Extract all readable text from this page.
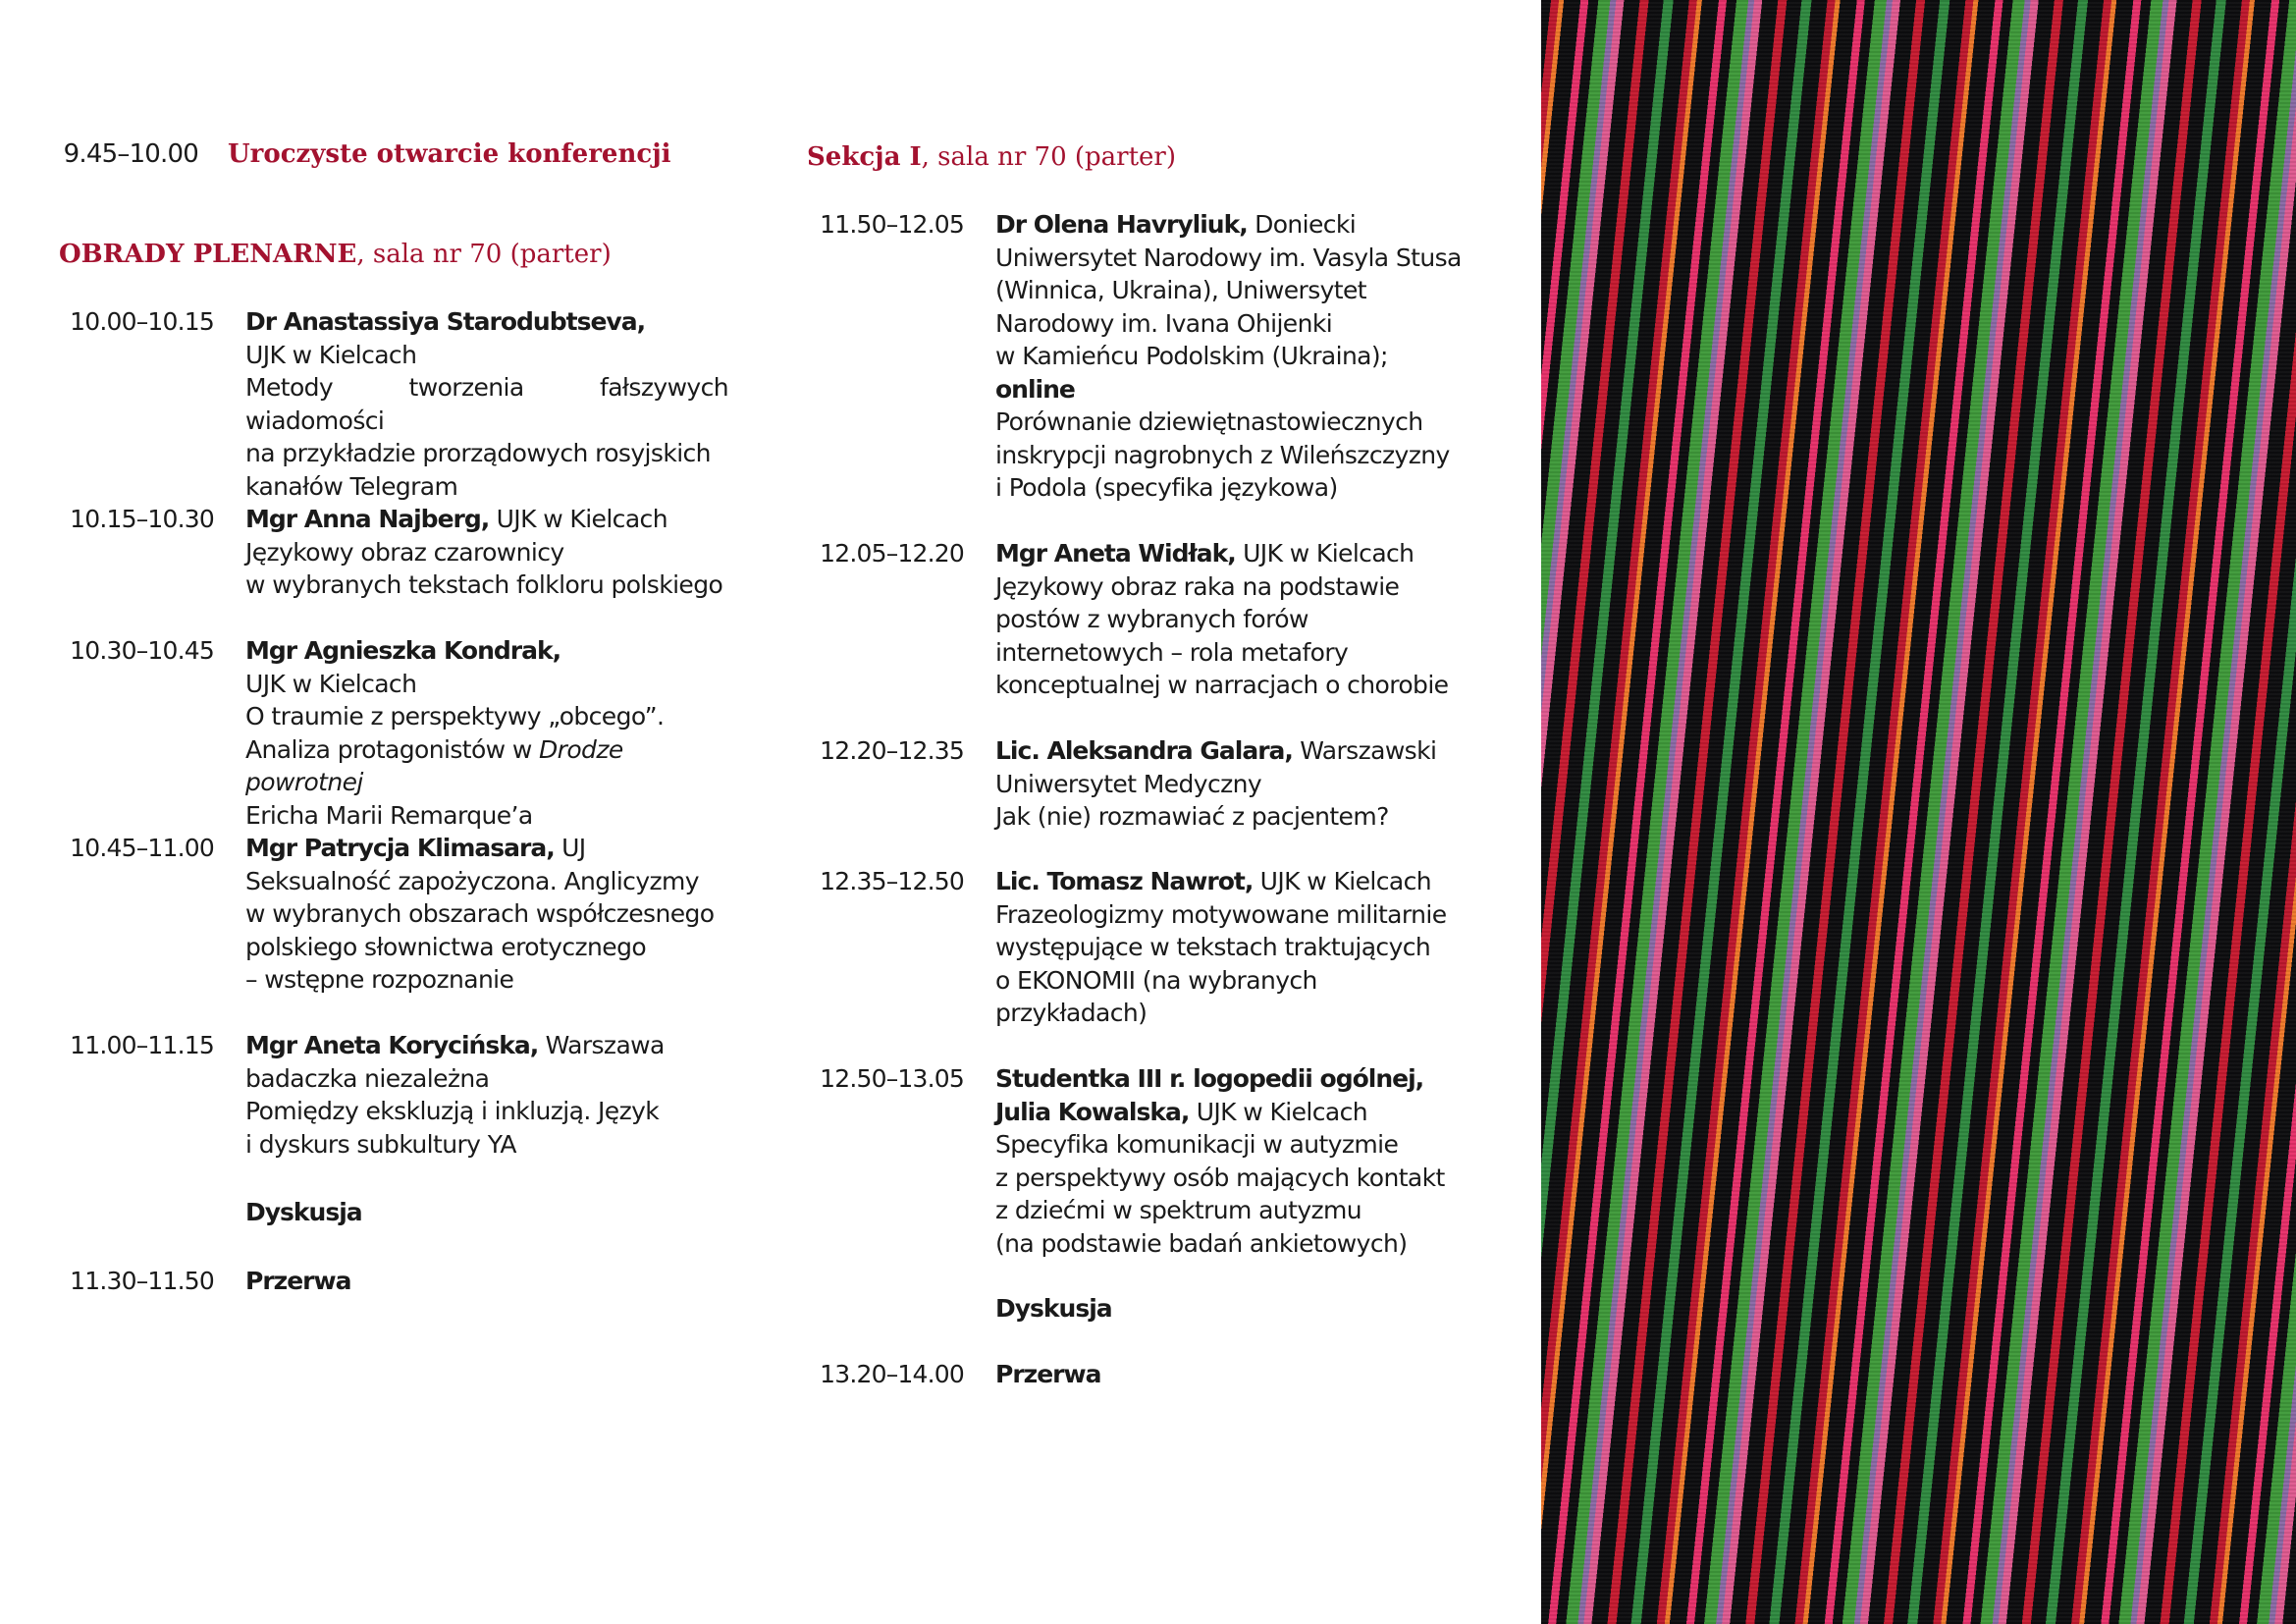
9.45–10.00	Uroczyste otwarcie konferencji
OBRADY PLENARNE, sala nr 70 (parter)
10.00–10.15	Dr Anastassiya Starodubtseva,
UJK w Kielcach
Metody tworzenia fałszywych wiadomości
na przykładzie prorządowych rosyjskich
kanałów Telegram
10.15–10.30	Mgr Anna Najberg, UJK w Kielcach
Językowy obraz czarownicy
w wybranych tekstach folkloru polskiego
10.30–10.45	Mgr Agnieszka Kondrak,
UJK w Kielcach
O traumie z perspektywy „obcego”.
Analiza protagonistów w Drodze powrotnej
Ericha Marii Remarque’a
10.45–11.00	Mgr Patrycja Klimasara, UJ
Seksualność zapożyczona. Anglicyzmy
w wybranych obszarach współczesnego
polskiego słownictwa erotycznego
– wstępne rozpoznanie
11.00–11.15	Mgr Aneta Korycińska, Warszawa
badaczka niezależna
Pomiędzy ekskluzją i inkluzją. Język
i dyskurs subkultury YA
Dyskusja
11.30–11.50	Przerwa
Sekcja I, sala nr 70 (parter)
11.50–12.05	Dr Olena Havryliuk, Doniecki
Uniwersytet Narodowy im. Vasyla Stusa
(Winnica, Ukraina), Uniwersytet
Narodowy im. Ivana Ohijenki
w Kamieńcu Podolskim (Ukraina);
online
Porównanie dziewiętnastowiecznych
inskrypcji nagrobnych z Wileńszczyzny
i Podola (specyfika językowa)
12.05–12.20	Mgr Aneta Widłak, UJK w Kielcach
Językowy obraz raka na podstawie
postów z wybranych forów
internetowych – rola metafory
konceptualnej w narracjach o chorobie
12.20–12.35	Lic. Aleksandra Galara, Warszawski
Uniwersytet Medyczny
Jak (nie) rozmawiać z pacjentem?
12.35–12.50	Lic. Tomasz Nawrot, UJK w Kielcach
Frazeologizmy motywowane militarnie
występujące w tekstach traktujących
o EKONOMII (na wybranych
przykładach)
12.50–13.05	Studentka III r. logopedii ogólnej,
Julia Kowalska, UJK w Kielcach
Specyfika komunikacji w autyzmie
z perspektywy osób mających kontakt
z dziećmi w spektrum autyzmu
(na podstawie badań ankietowych)
Dyskusja
13.20–14.00	Przerwa
